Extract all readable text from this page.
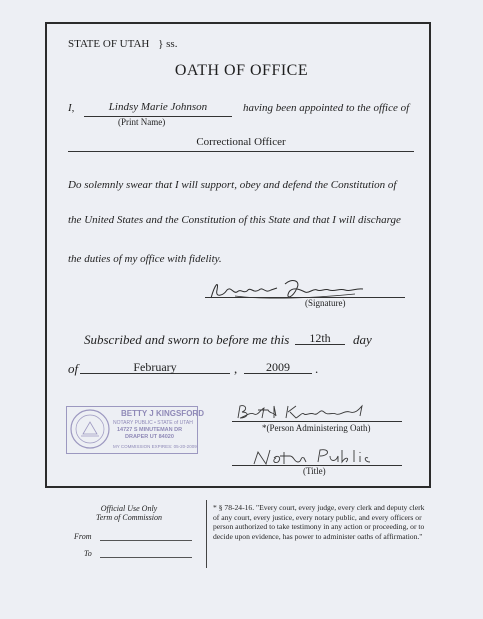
STATE OF UTAH } ss.
OATH OF OFFICE
I,	Lindsy Marie Johnson
(Print Name)
having been appointed to the office of
Correctional Officer
Do solemnly swear that I will support, obey and defend the Constitution of
the United States and the Constitution of this State and that I will discharge
the duties of my office with fidelity.
(Signature)
Subscribed and sworn to before me this	12th	day
of	February	,	2009	.
BETTY J KINGSFORD
NOTARY PUBLIC • STATE of UTAH
14727 S MINUTEMAN DR
DRAPER UT 84020
MY COMMISSION EXPIRES: 05-20-2009
*(Person Administering Oath)
(Title)
Official Use Only Term of Commission
From
To
* § 78-24-16. "Every court, every judge, every clerk and deputy clerk of any court, every justice, every notary public, and every officers or person authorized to take testimony in any action or proceeding, or to decide upon evidence, has power to administer oaths of affirmation."
